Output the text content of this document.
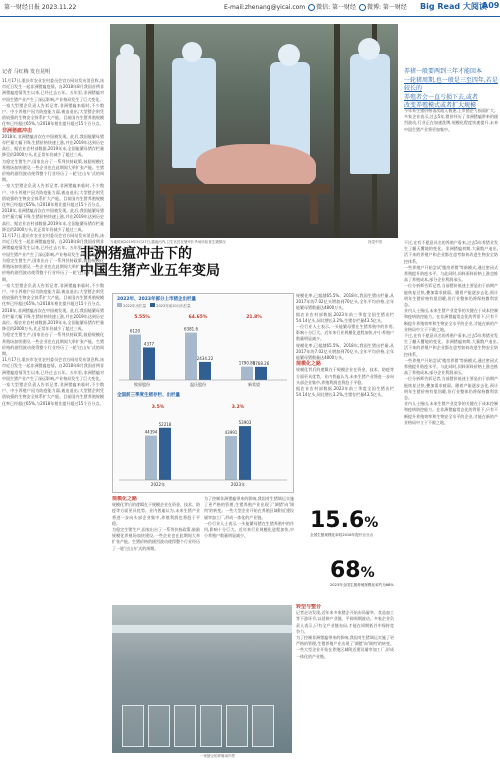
第一财经日报 2023.11.22	E-mail:zhenang@yicai.com 微信: 第一财经 微博: 第一财经 Big Read 大阅读
A09
当地时间2019年5月27日,越南河内,卫生官员在屠宰扑杀场所检查生猪情况	视觉中国
记者 马红梅 发自昆明	养猪一般要两到三年才能回本
一轮猪周期,也一般是三至四年,若是较长的
养殖者会一直亏损下去,或者
改变养殖模式或者扩大规模
今年来生猪价格再次陷入低迷,上市猪企亏损面扩大。多家企业表示,过去5年,猪价经历了非洲猪瘟带来的剧烈波动,行业正在加速洗牌,规模化程度快速提升,未来中国生猪产业将更加集中。
11月17日,重庆市农业农村委员会官方网站发布消息称,该市近日发生一起非洲猪瘟疫情。自2018年8月我国首例非洲猪瘟疫情发生以来,已经过去五年。五年里,非洲猪瘟对中国生猪产业产生了深远影响,产业格局发生了巨大变化。
一家大型猪企负责人告诉记者,非洲猪瘟来临时,不少散户、中小养殖户因为防疫能力弱,被迫退出;大型猪企则凭借较强的生物安全体系扩大产能。目前国内生猪养殖规模化率已经超过65%,与2018年相比提升超过15个百分点。
非洲猪瘟冲击
2018年,非洲猪瘟首次在中国被发现。此后,我国能繁母猪存栏量大幅下降,生猪价格快速上涨,并在2019年达到历史高位。据农业农村部数据,2019年末,全国能繁母猪存栏量降至约2000万头,比正常年份减少了超过三成。
为稳定生猪生产,国家出台了一系列扶持政策,鼓励规模化养殖场加快建设,一些企业也在此期间大举扩张产能。生猪价格的剧烈波动使得整个行业经历了一轮'过山车'式的周期。
一家大型猪企负责人告诉记者,非洲猪瘟来临时,不少散户、中小养殖户因为防疫能力弱,被迫退出;大型猪企则凭借较强的生物安全体系扩大产能。目前国内生猪养殖规模化率已经超过65%,与2018年相比提升超过15个百分点。
2018年,非洲猪瘟首次在中国被发现。此后,我国能繁母猪存栏量大幅下降,生猪价格快速上涨,并在2019年达到历史高位。据农业农村部数据,2019年末,全国能繁母猪存栏量降至约2000万头,比正常年份减少了超过三成。
11月17日,重庆市农业农村委员会官方网站发布消息称,该市近日发生一起非洲猪瘟疫情。自2018年8月我国首例非洲猪瘟疫情发生以来,已经过去五年。五年里,非洲猪瘟对中国生猪产业产生了深远影响,产业格局发生了巨大变化。
为稳定生猪生产,国家出台了一系列扶持政策,鼓励规模化养殖场加快建设,一些企业也在此期间大举扩张产能。生猪价格的剧烈波动使得整个行业经历了一轮'过山车'式的周期。
一家大型猪企负责人告诉记者,非洲猪瘟来临时,不少散户、中小养殖户因为防疫能力弱,被迫退出;大型猪企则凭借较强的生物安全体系扩大产能。目前国内生猪养殖规模化率已经超过65%,与2018年相比提升超过15个百分点。
2018年,非洲猪瘟首次在中国被发现。此后,我国能繁母猪存栏量大幅下降,生猪价格快速上涨,并在2019年达到历史高位。据农业农村部数据,2019年末,全国能繁母猪存栏量降至约2000万头,比正常年份减少了超过三成。
为稳定生猪生产,国家出台了一系列扶持政策,鼓励规模化养殖场加快建设,一些企业也在此期间大举扩张产能。生猪价格的剧烈波动使得整个行业经历了一轮'过山车'式的周期。
11月17日,重庆市农业农村委员会官方网站发布消息称,该市近日发生一起非洲猪瘟疫情。自2018年8月我国首例非洲猪瘟疫情发生以来,已经过去五年。五年里,非洲猪瘟对中国生猪产业产生了深远影响,产业格局发生了巨大变化。
一家大型猪企负责人告诉记者,非洲猪瘟来临时,不少散户、中小养殖户因为防疫能力弱,被迫退出;大型猪企则凭借较强的生物安全体系扩大产能。目前国内生猪养殖规模化率已经超过65%,与2018年相比提升超过15个百分点。
非洲猪瘟冲击下的
中国生猪产业五年变局
2022年、2023年部分上市猪企出栏量
2022年出栏量	2023年前10月出栏量
6120
4377
牧原股份
5.55%
6381.6
2434.22
温氏股份
64.65%
1790.86
1768.26
新希望
21.8%
全国前三季度生猪存栏、出栏量
44394
52218
2022年
3.5%
43991
53903
2023年
3.2%
规模化率,已超越65.5%。2018年,我国生猪出栏量,从2017年的7.02亿头增加到70亿头,全年平均价格,全年能繁母猪数量达4800万头。
据农业农村部数据,2023年前三季度全国生猪出栏54.14亿头,同比增长3.2%,生猪存栏量43.5亿头。
一位行业人士表示,一头能繁母猪在生猪养殖中的作用,影响十分巨大。近年来行业规模化进程加快,中小养殖户数量明显减少。
规模化率,已超越65.5%。2018年,我国生猪出栏量,从2017年的7.02亿头增加到70亿头,全年平均价格,全年能繁母猪数量达4800万头。
规模化之路
规模化背后的逻辑在于规模企业在资金、技术、防疫等方面更具优势。业内普遍认为,未来生猪产业将进一步向头部企业集中,养殖利润也将趋于平稳。
据农业农村部数据,2023年前三季度全国生猪出栏54.14亿头,同比增长3.2%,生猪存栏量43.5亿头。
规模化之路
规模化背后的逻辑在于规模企业在资金、技术、防疫等方面更具优势。业内普遍认为,未来生猪产业将进一步向头部企业集中,养殖利润也将趋于平稳。
为稳定生猪生产,国家出台了一系列扶持政策,鼓励规模化养殖场加快建设,一些企业也在此期间大举扩张产能。生猪价格的剧烈波动使得整个行业经历了一轮'过山车'式的周期。
为了控制非洲猪瘟带来的影响,我国对生猪调运实施了更严格的管理,生猪养殖产业出现了'调猪'向'调肉'的转变。一些大型企业开始在养殖区域附近建设屠宰加工厂,形成一体化的产业链。
一位行业人士表示,一头能繁母猪在生猪养殖中的作用,影响十分巨大。近年来行业规模化进程加快,中小养殖户数量明显减少。
15.6%
全国生猪规模化率较2018年提升百分点
68%
2023年全国生猪养殖规模化率约为68%
转型与整合
记者走访发现,近年来多家猪企开始布局屠宰、食品加工等下游环节,以延伸产业链、平抑周期波动。多家企业负责人表示,只有全产业链布局,才能在周期低谷中保持竞争力。
为了控制非洲猪瘟带来的影响,我国对生猪调运实施了更严格的管理,生猪养殖产业出现了'调猪'向'调肉'的转变。一些大型企业开始在养殖区域附近建设屠宰加工厂,形成一体化的产业链。
不过,在有不愿意具名的养殖户看来,过去5年养猪业发生了翻天覆地的变化。非洲猪瘟初期,大量散户退出,活下来的养殖户和企业都在思考如何改进生物安全防控体系。
一些养殖户开始尝试'楼房养猪'等新模式,通过密闭式养殖提升防疫水平。与此同时,饲料原料价格上涨也推高了养殖成本,部分企业利润承压。
一位分析师告诉记者,当前猪价低迷主要是由于前期产能恢复过快,叠加需求疲弱。随着产能逐步去化,预计明年生猪价格有望回暖,但行业整体仍将保持微利状态。
业内人士指出,未来生猪产业竞争的关键在于成本控制和疫病防控能力。在非洲猪瘟常态化的背景下,只有不断提升养殖效率和生物安全水平的企业,才能在新的产业格局中立于不败之地。
不过,在有不愿意具名的养殖户看来,过去5年养猪业发生了翻天覆地的变化。非洲猪瘟初期,大量散户退出,活下来的养殖户和企业都在思考如何改进生物安全防控体系。
一些养殖户开始尝试'楼房养猪'等新模式,通过密闭式养殖提升防疫水平。与此同时,饲料原料价格上涨也推高了养殖成本,部分企业利润承压。
一位分析师告诉记者,当前猪价低迷主要是由于前期产能恢复过快,叠加需求疲弱。随着产能逐步去化,预计明年生猪价格有望回暖,但行业整体仍将保持微利状态。
业内人士指出,未来生猪产业竞争的关键在于成本控制和疫病防控能力。在非洲猪瘟常态化的背景下,只有不断提升养殖效率和生物安全水平的企业,才能在新的产业格局中立于不败之地。
一家猪企的养殖场内景
